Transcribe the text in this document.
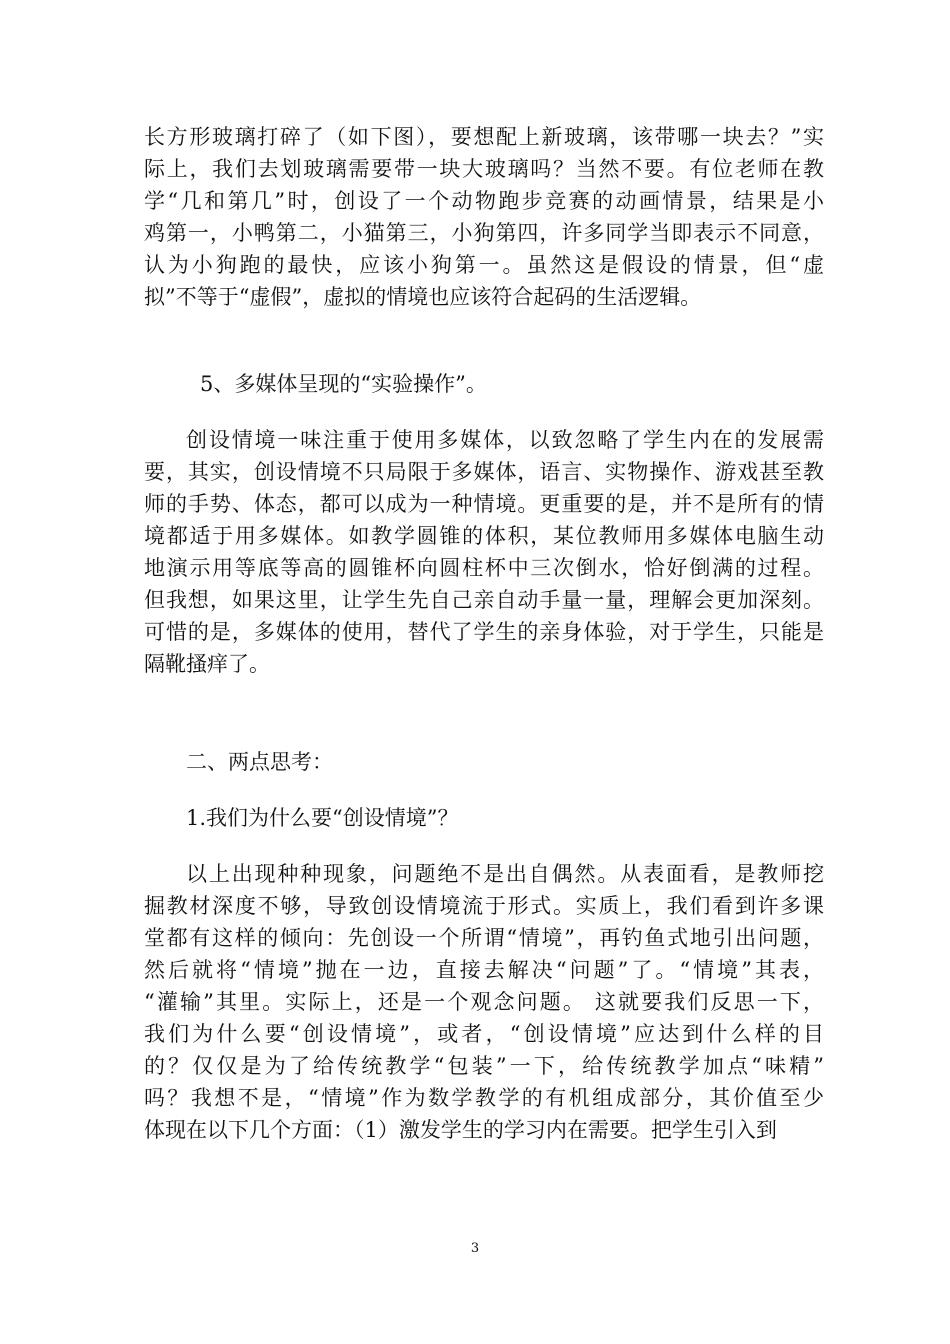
长方形玻璃打碎了（如下图），要想配上新玻璃，该带哪一块去？”实
际上，我们去划玻璃需要带一块大玻璃吗？当然不要。有位老师在教
学“几和第几”时，创设了一个动物跑步竞赛的动画情景，结果是小
鸡第一，小鸭第二，小猫第三，小狗第四，许多同学当即表示不同意，
认为小狗跑的最快，应该小狗第一。虽然这是假设的情景，但“虚
拟”不等于“虚假”，虚拟的情境也应该符合起码的生活逻辑。
5、多媒体呈现的“实验操作”。
创设情境一味注重于使用多媒体，以致忽略了学生内在的发展需
要，其实，创设情境不只局限于多媒体，语言、实物操作、游戏甚至教
师的手势、体态，都可以成为一种情境。更重要的是，并不是所有的情
境都适于用多媒体。如教学圆锥的体积，某位教师用多媒体电脑生动
地演示用等底等高的圆锥杯向圆柱杯中三次倒水，恰好倒满的过程。
但我想，如果这里，让学生先自己亲自动手量一量，理解会更加深刻。
可惜的是，多媒体的使用，替代了学生的亲身体验，对于学生，只能是
隔靴搔痒了。
二、两点思考：
1.我们为什么要“创设情境”？
以上出现种种现象，问题绝不是出自偶然。从表面看，是教师挖
掘教材深度不够，导致创设情境流于形式。实质上，我们看到许多课
堂都有这样的倾向：先创设一个所谓“情境”，再钓鱼式地引出问题，
然后就将“情境”抛在一边，直接去解决“问题”了。“情境”其表，
“灌输”其里。实际上，还是一个观念问题。 这就要我们反思一下，
我们为什么要“创设情境”，或者，“创设情境”应达到什么样的目
的？仅仅是为了给传统教学“包装”一下，给传统教学加点“味精”
吗？我想不是，“情境”作为数学教学的有机组成部分，其价值至少
体现在以下几个方面：（1）激发学生的学习内在需要。把学生引入到
3
